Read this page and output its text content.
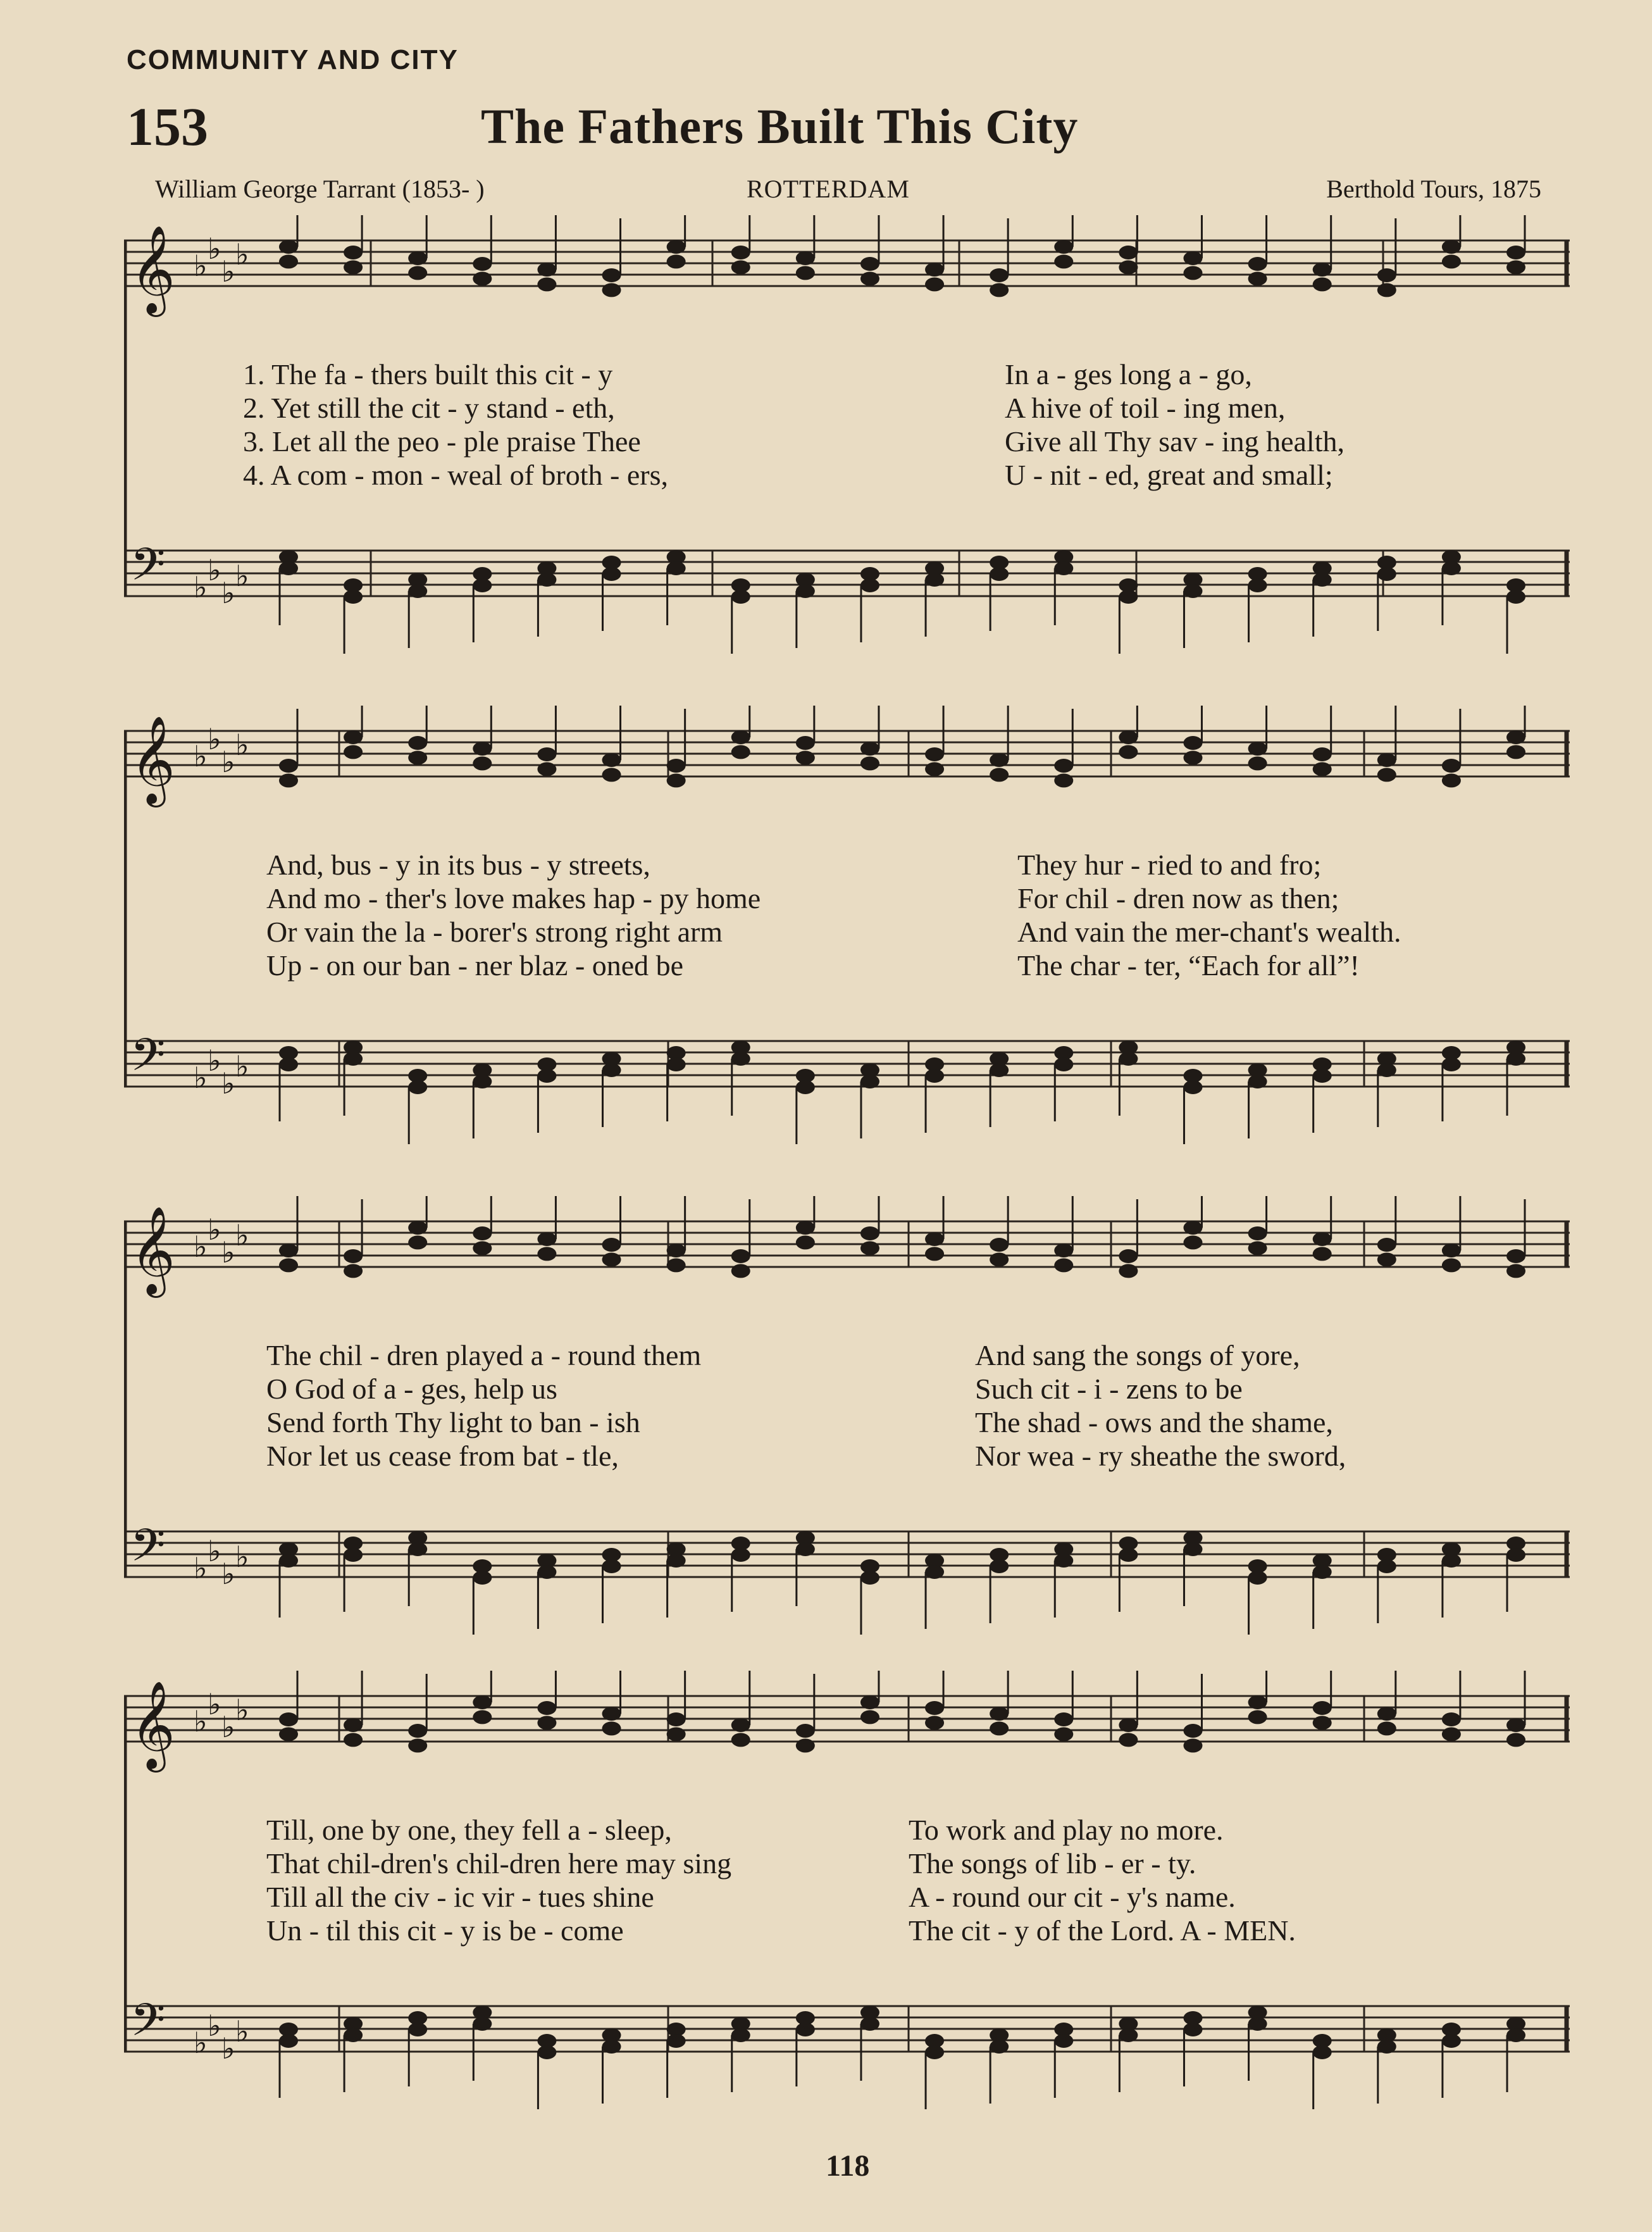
COMMUNITY AND CITY
153	The Fathers Built This City
William George Tarrant (1853- )	ROTTERDAM	Berthold Tours, 1875
𝄞
𝄢
♭
♭
♭
♭
♭
♭
♭
♭
1. The fa - thers built this cit - y
2. Yet still the cit - y stand - eth,
3. Let all the peo - ple praise Thee
4. A com - mon - weal of broth - ers,
In a - ges long a - go,
A hive of toil - ing men,
Give all Thy sav - ing health,
U - nit - ed, great and small;
𝄞
𝄢
♭
♭
♭
♭
♭
♭
♭
♭
And, bus - y in its bus - y streets,
And mo - ther's love makes hap - py home
Or vain the la - borer's strong right arm
Up - on our ban - ner blaz - oned be
They hur - ried to and fro;
For chil - dren now as then;
And vain the mer-chant's wealth.
The char - ter, “Each for all”!
𝄞
𝄢
♭
♭
♭
♭
♭
♭
♭
♭
The chil - dren played a - round them
O God of a - ges, help us
Send forth Thy light to ban - ish
Nor let us cease from bat - tle,
And sang the songs of yore,
Such cit - i - zens to be
The shad - ows and the shame,
Nor wea - ry sheathe the sword,
𝄞
𝄢
♭
♭
♭
♭
♭
♭
♭
♭
Till, one by one, they fell a - sleep,
That chil-dren's chil-dren here may sing
Till all the civ - ic vir - tues shine
Un - til this cit - y is be - come
To work and play no more.
The songs of lib - er - ty.
A - round our cit - y's name.
The cit - y of the Lord. A - MEN.
118
